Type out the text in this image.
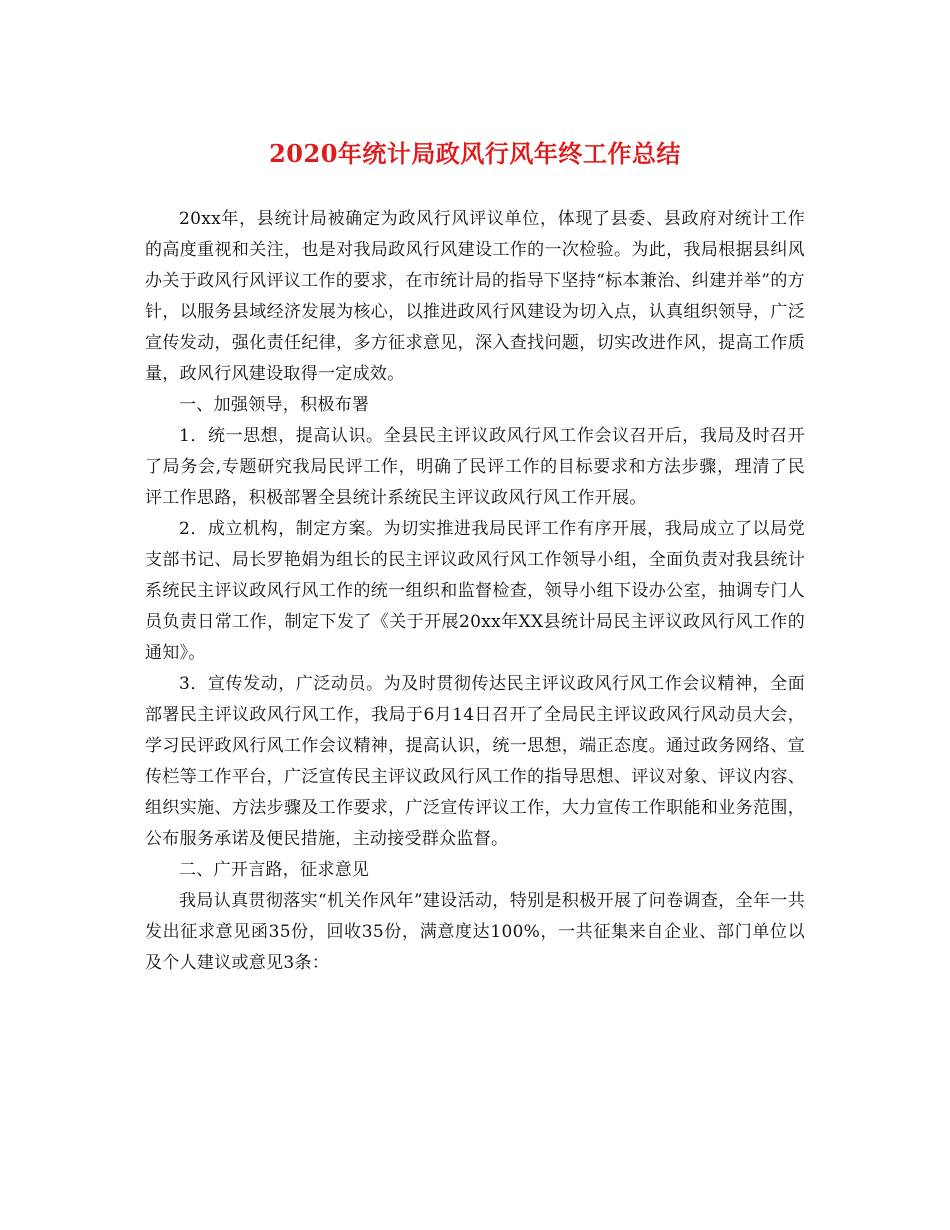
2020年统计局政风行风年终工作总结

20xx年，县统计局被确定为政风行风评议单位，体现了县委、县政府对统计工作的高度重视和关注，也是对我局政风行风建设工作的一次检验。为此，我局根据县纠风办关于政风行风评议工作的要求，在市统计局的指导下坚持“标本兼治、纠建并举”的方针，以服务县域经济发展为核心，以推进政风行风建设为切入点，认真组织领导，广泛宣传发动，强化责任纪律，多方征求意见，深入查找问题，切实改进作风，提高工作质量，政风行风建设取得一定成效。

一、加强领导，积极布署

1．统一思想，提高认识。全县民主评议政风行风工作会议召开后，我局及时召开了局务会,专题研究我局民评工作，明确了民评工作的目标要求和方法步骤，理清了民评工作思路，积极部署全县统计系统民主评议政风行风工作开展。

2．成立机构，制定方案。为切实推进我局民评工作有序开展，我局成立了以局党支部书记、局长罗艳娟为组长的民主评议政风行风工作领导小组，全面负责对我县统计系统民主评议政风行风工作的统一组织和监督检查，领导小组下设办公室，抽调专门人员负责日常工作，制定下发了《关于开展20xx年XX县统计局民主评议政风行风工作的通知》。

3．宣传发动，广泛动员。为及时贯彻传达民主评议政风行风工作会议精神，全面部署民主评议政风行风工作，我局于6月14日召开了全局民主评议政风行风动员大会，学习民评政风行风工作会议精神，提高认识，统一思想，端正态度。通过政务网络、宣传栏等工作平台，广泛宣传民主评议政风行风工作的指导思想、评议对象、评议内容、组织实施、方法步骤及工作要求，广泛宣传评议工作，大力宣传工作职能和业务范围，公布服务承诺及便民措施，主动接受群众监督。

二、广开言路，征求意见

我局认真贯彻落实“机关作风年”建设活动，特别是积极开展了问卷调查，全年一共发出征求意见函35份，回收35份，满意度达100%，一共征集来自企业、部门单位以及个人建议或意见3条：
